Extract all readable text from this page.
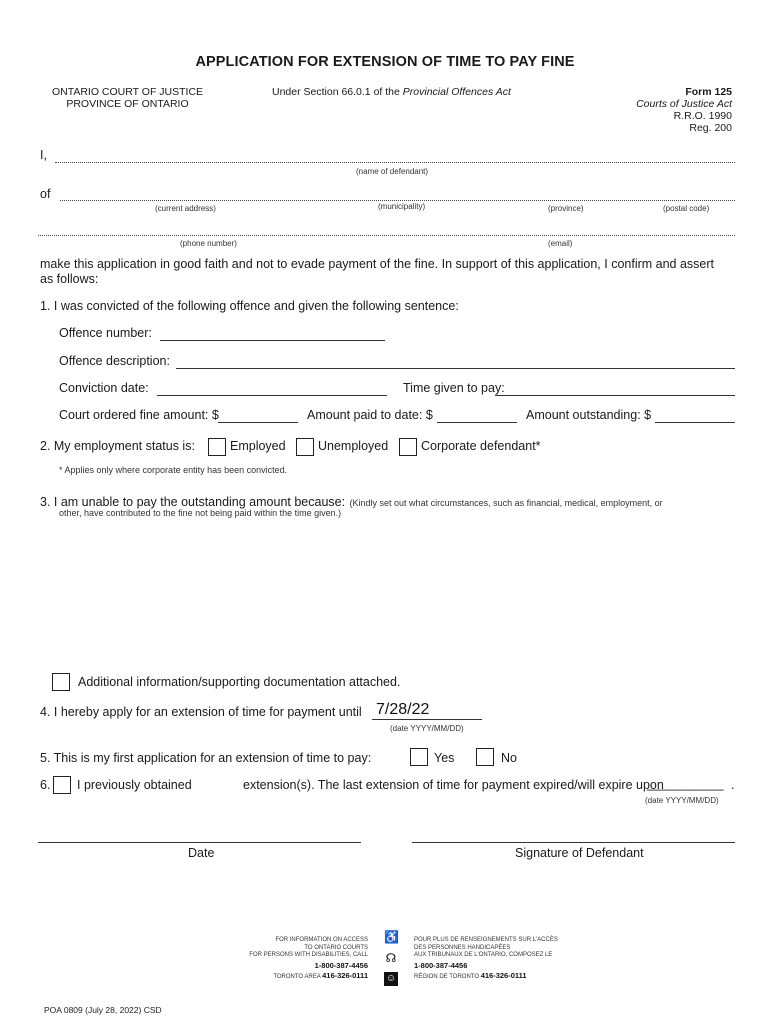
APPLICATION FOR EXTENSION OF TIME TO PAY FINE
ONTARIO COURT OF JUSTICE
PROVINCE OF ONTARIO
Under Section 66.0.1 of the Provincial Offences Act	Form 125
Courts of Justice Act
R.R.O. 1990
Reg. 200
I,
(name of defendant)
of
(current address)	(municipality)	(province)	(postal code)
(phone number)	(email)
make this application in good faith and not to evade payment of the fine. In support of this application, I confirm and assert
as follows:
1. I was convicted of the following offence and given the following sentence:
Offence number:
Offence description:
Conviction date:	Time given to pay:
Court ordered fine amount: $	Amount paid to date: $	Amount outstanding: $
2. My employment status is:	Employed	Unemployed	Corporate defendant*
* Applies only where corporate entity has been convicted.
3. I am unable to pay the outstanding amount because: (Kindly set out what circumstances, such as financial, medical, employment, or
other, have contributed to the fine not being paid within the time given.)
Additional information/supporting documentation attached.
4. I hereby apply for an extension of time for payment until 7/28/22
(date YYYY/MM/DD)
5. This is my first application for an extension of time to pay:	Yes	No
6. I previously obtained	extension(s). The last extension of time for payment expired/will expire upon
___________ .
(date YYYY/MM/DD)
Date	Signature of Defendant
FOR INFORMATION ON ACCESS
TO ONTARIO COURTS
FOR PERSONS WITH DISABILITIES, CALL
1-800-387-4456
TORONTO AREA 416-326-0111
♿
☊
☺
POUR PLUS DE RENSEIGNEMENTS SUR L'ACCÈS
DES PERSONNES HANDICAPÉES
AUX TRIBUNAUX DE L'ONTARIO, COMPOSEZ LE
1-800-387-4456
RÉGION DE TORONTO 416-326-0111
POA 0809 (July 28, 2022) CSD
